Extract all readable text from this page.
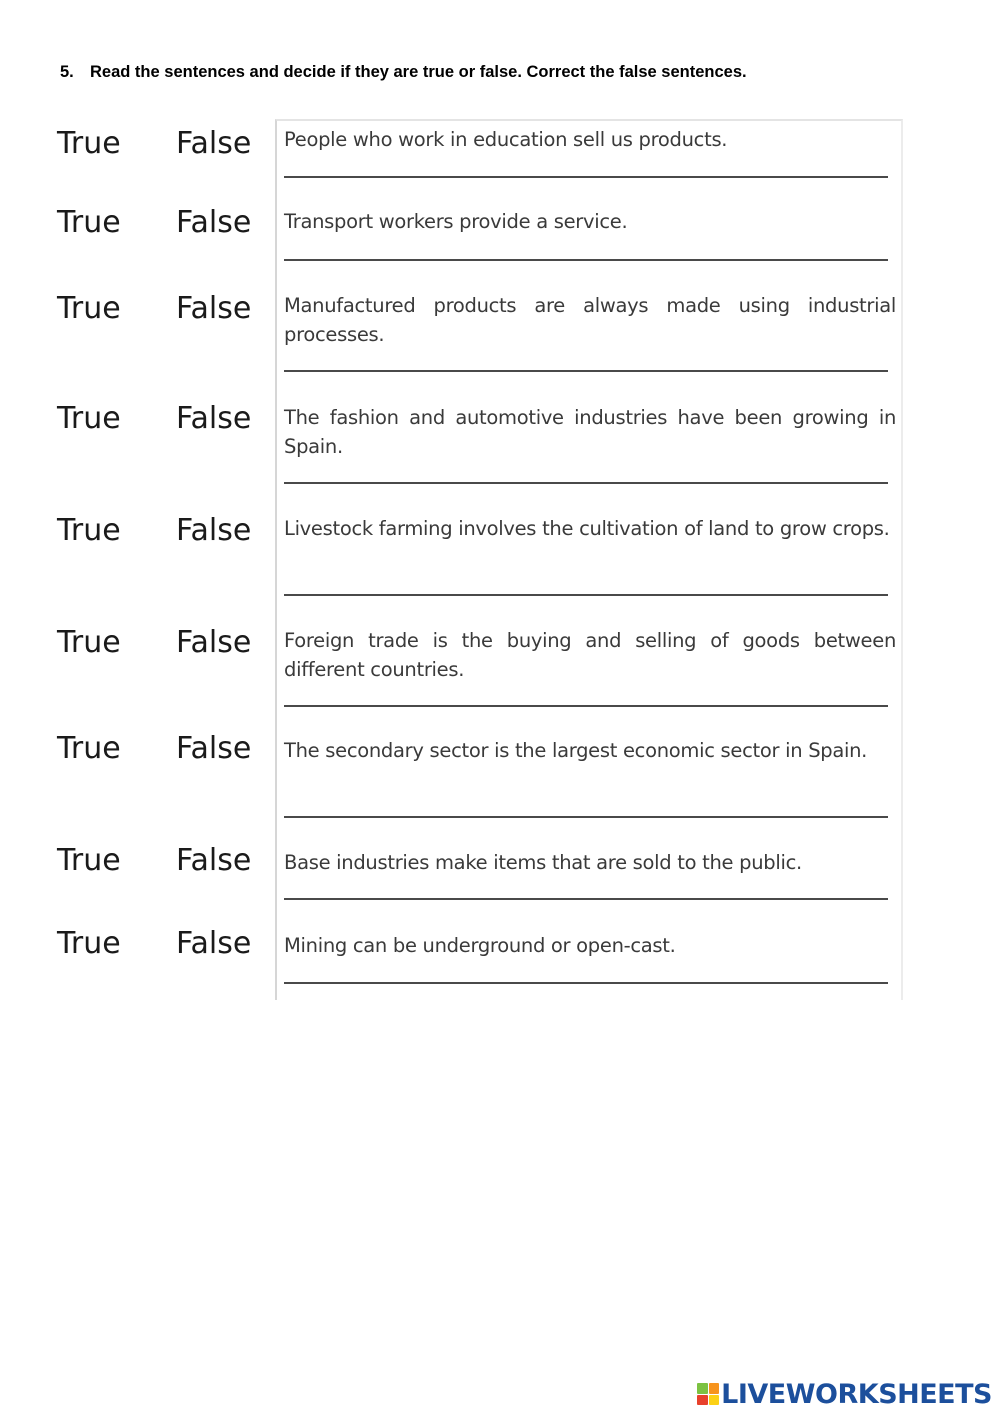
5. Read the sentences and decide if they are true or false. Correct the false sentences.
True False People who work in education sell us products.
True False Transport workers provide a service.
True False Manufactured products are always made using industrial processes.
True False The fashion and automotive industries have been growing in Spain.
True False Livestock farming involves the cultivation of land to grow crops.
True False Foreign trade is the buying and selling of goods between different countries.
True False The secondary sector is the largest economic sector in Spain.
True False Base industries make items that are sold to the public.
True False Mining can be underground or open-cast.
LIVEWORKSHEETS
